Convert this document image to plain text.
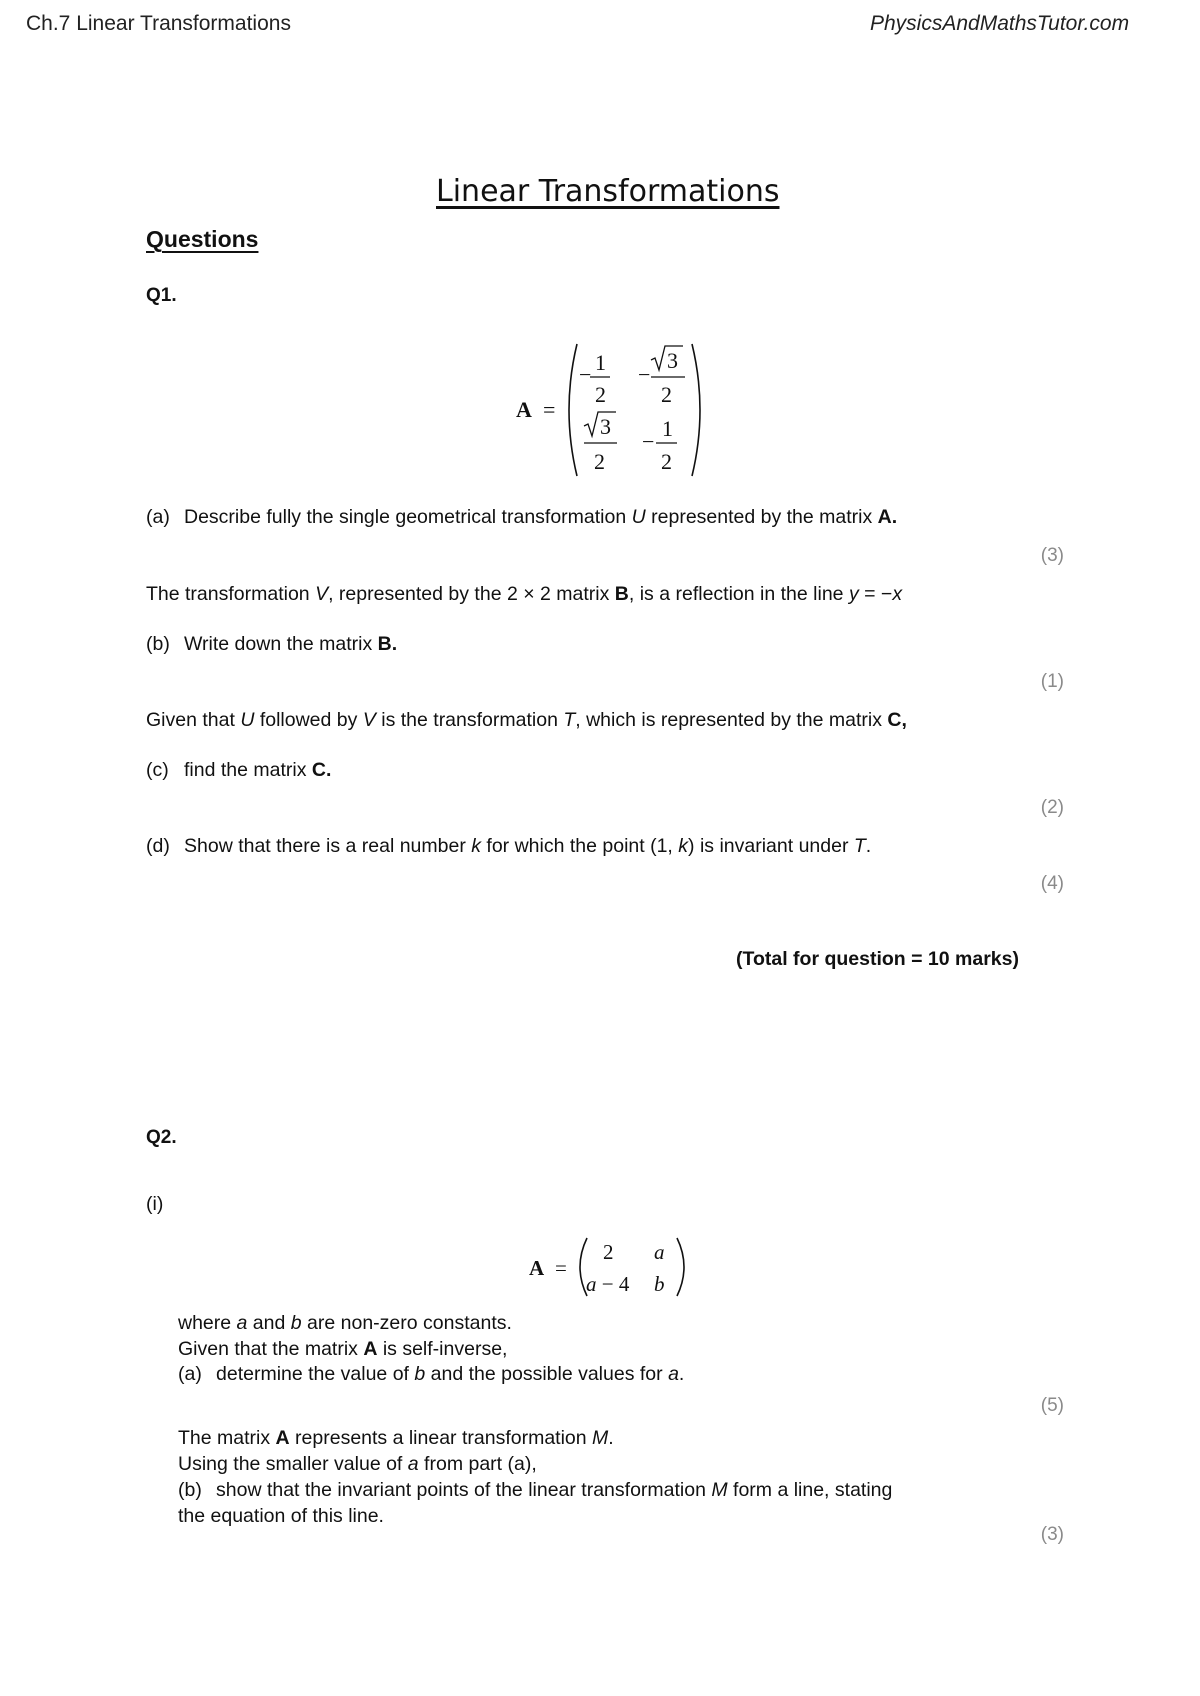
Ch.7 Linear Transformations	PhysicsAndMathsTutor.com
Linear Transformations
Questions
Q1.
A =
− 1
2
−
3
2
3
2
−
1
2
(a) Describe fully the single geometrical transformation U represented by the matrix A.
(3)
The transformation V, represented by the 2 × 2 matrix B, is a reflection in the line y = −x
(b) Write down the matrix B.
(1)
Given that U followed by V is the transformation T, which is represented by the matrix C,
(c) find the matrix C.
(2)
(d) Show that there is a real number k for which the point (1, k) is invariant under T.
(4)
(Total for question = 10 marks)
Q2.
(i)
A =
2 a
a − 4 b
where a and b are non-zero constants.
Given that the matrix A is self-inverse,
(a) determine the value of b and the possible values for a.
(5)
The matrix A represents a linear transformation M.
Using the smaller value of a from part (a),
(b) show that the invariant points of the linear transformation M form a line, stating
the equation of this line.
(3)
